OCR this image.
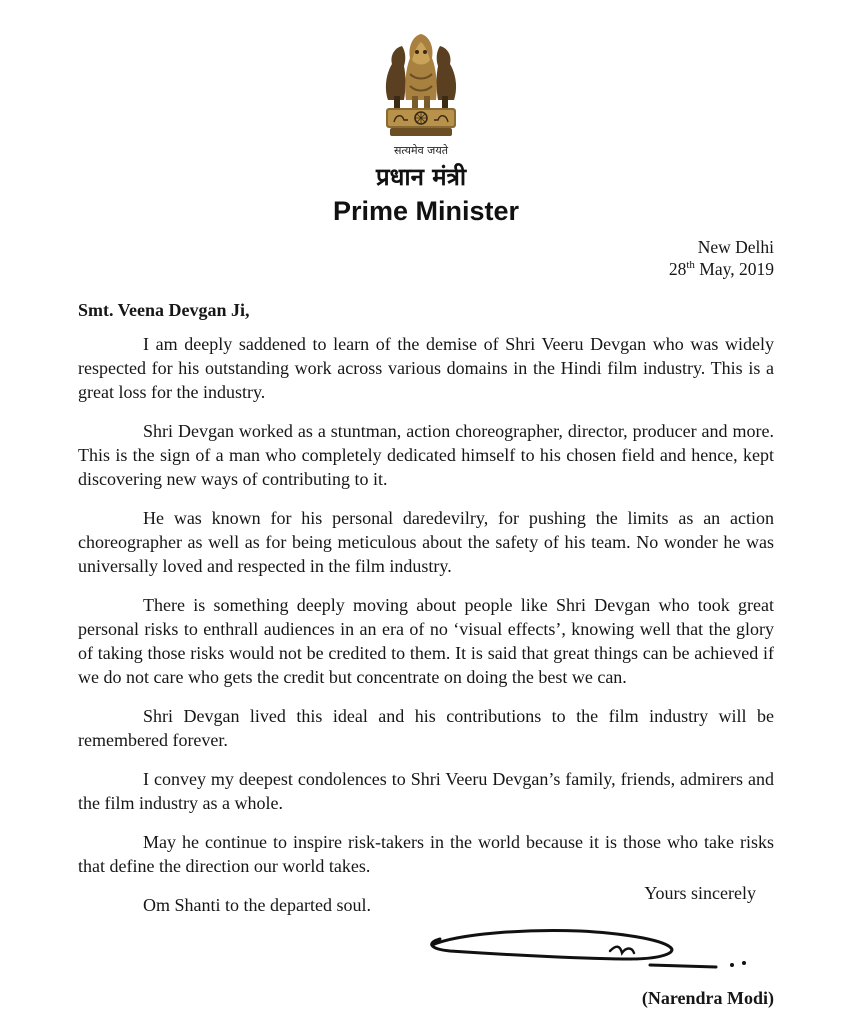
सत्यमेव जयते
प्रधान मंत्री
Prime Minister
New Delhi
28th May, 2019
Smt. Veena Devgan Ji,

I am deeply saddened to learn of the demise of Shri Veeru Devgan who was widely respected for his outstanding work across various domains in the Hindi film industry. This is a great loss for the industry.

Shri Devgan worked as a stuntman, action choreographer, director, producer and more. This is the sign of a man who completely dedicated himself to his chosen field and hence, kept discovering new ways of contributing to it.

He was known for his personal daredevilry, for pushing the limits as an action choreographer as well as for being meticulous about the safety of his team. No wonder he was universally loved and respected in the film industry.

There is something deeply moving about people like Shri Devgan who took great personal risks to enthrall audiences in an era of no ‘visual effects’, knowing well that the glory of taking those risks would not be credited to them. It is said that great things can be achieved if we do not care who gets the credit but concentrate on doing the best we can.

Shri Devgan lived this ideal and his contributions to the film industry will be remembered forever.

I convey my deepest condolences to Shri Veeru Devgan’s family, friends, admirers and the film industry as a whole.

May he continue to inspire risk-takers in the world because it is those who take risks that define the direction our world takes.

Om Shanti to the departed soul.

Yours sincerely
(Narendra Modi)
